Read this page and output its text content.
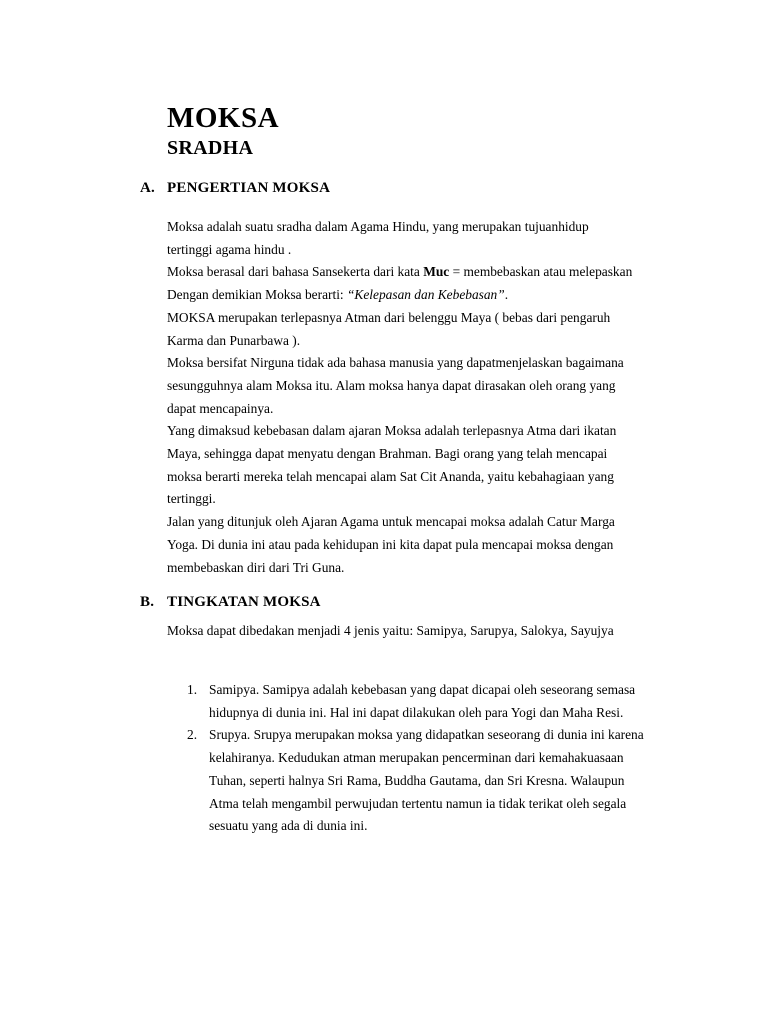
MOKSA
SRADHA
A. PENGERTIAN MOKSA

Moksa adalah suatu sradha dalam Agama Hindu, yang merupakan tujuanhidup tertinggi agama hindu .

Moksa berasal dari bahasa Sansekerta dari kata Muc = membebaskan atau melepaskan Dengan demikian Moksa berarti: “Kelepasan dan Kebebasan”.

MOKSA merupakan terlepasnya Atman dari belenggu Maya ( bebas dari pengaruh Karma dan Punarbawa ).

Moksa bersifat Nirguna tidak ada bahasa manusia yang dapatmenjelaskan bagaimana sesungguhnya alam Moksa itu. Alam moksa hanya dapat dirasakan oleh orang yang dapat mencapainya.

Yang dimaksud kebebasan dalam ajaran Moksa adalah terlepasnya Atma dari ikatan Maya, sehingga dapat menyatu dengan Brahman. Bagi orang yang telah mencapai moksa berarti mereka telah mencapai alam Sat Cit Ananda, yaitu kebahagiaan yang tertinggi.

Jalan yang ditunjuk oleh Ajaran Agama untuk mencapai moksa adalah Catur Marga Yoga. Di dunia ini atau pada kehidupan ini kita dapat pula mencapai moksa dengan membebaskan diri dari Tri Guna.

B. TINGKATAN MOKSA

Moksa dapat dibedakan menjadi 4 jenis yaitu: Samipya, Sarupya, Salokya, Sayujya

1. Samipya. Samipya adalah kebebasan yang dapat dicapai oleh seseorang semasa hidupnya di dunia ini. Hal ini dapat dilakukan oleh para Yogi dan Maha Resi.
2. Srupya. Srupya merupakan moksa yang didapatkan seseorang di dunia ini karena kelahiranya. Kedudukan atman merupakan pencerminan dari kemahakuasaan Tuhan, seperti halnya Sri Rama, Buddha Gautama, dan Sri Kresna. Walaupun Atma telah mengambil perwujudan tertentu namun ia tidak terikat oleh segala sesuatu yang ada di dunia ini.
